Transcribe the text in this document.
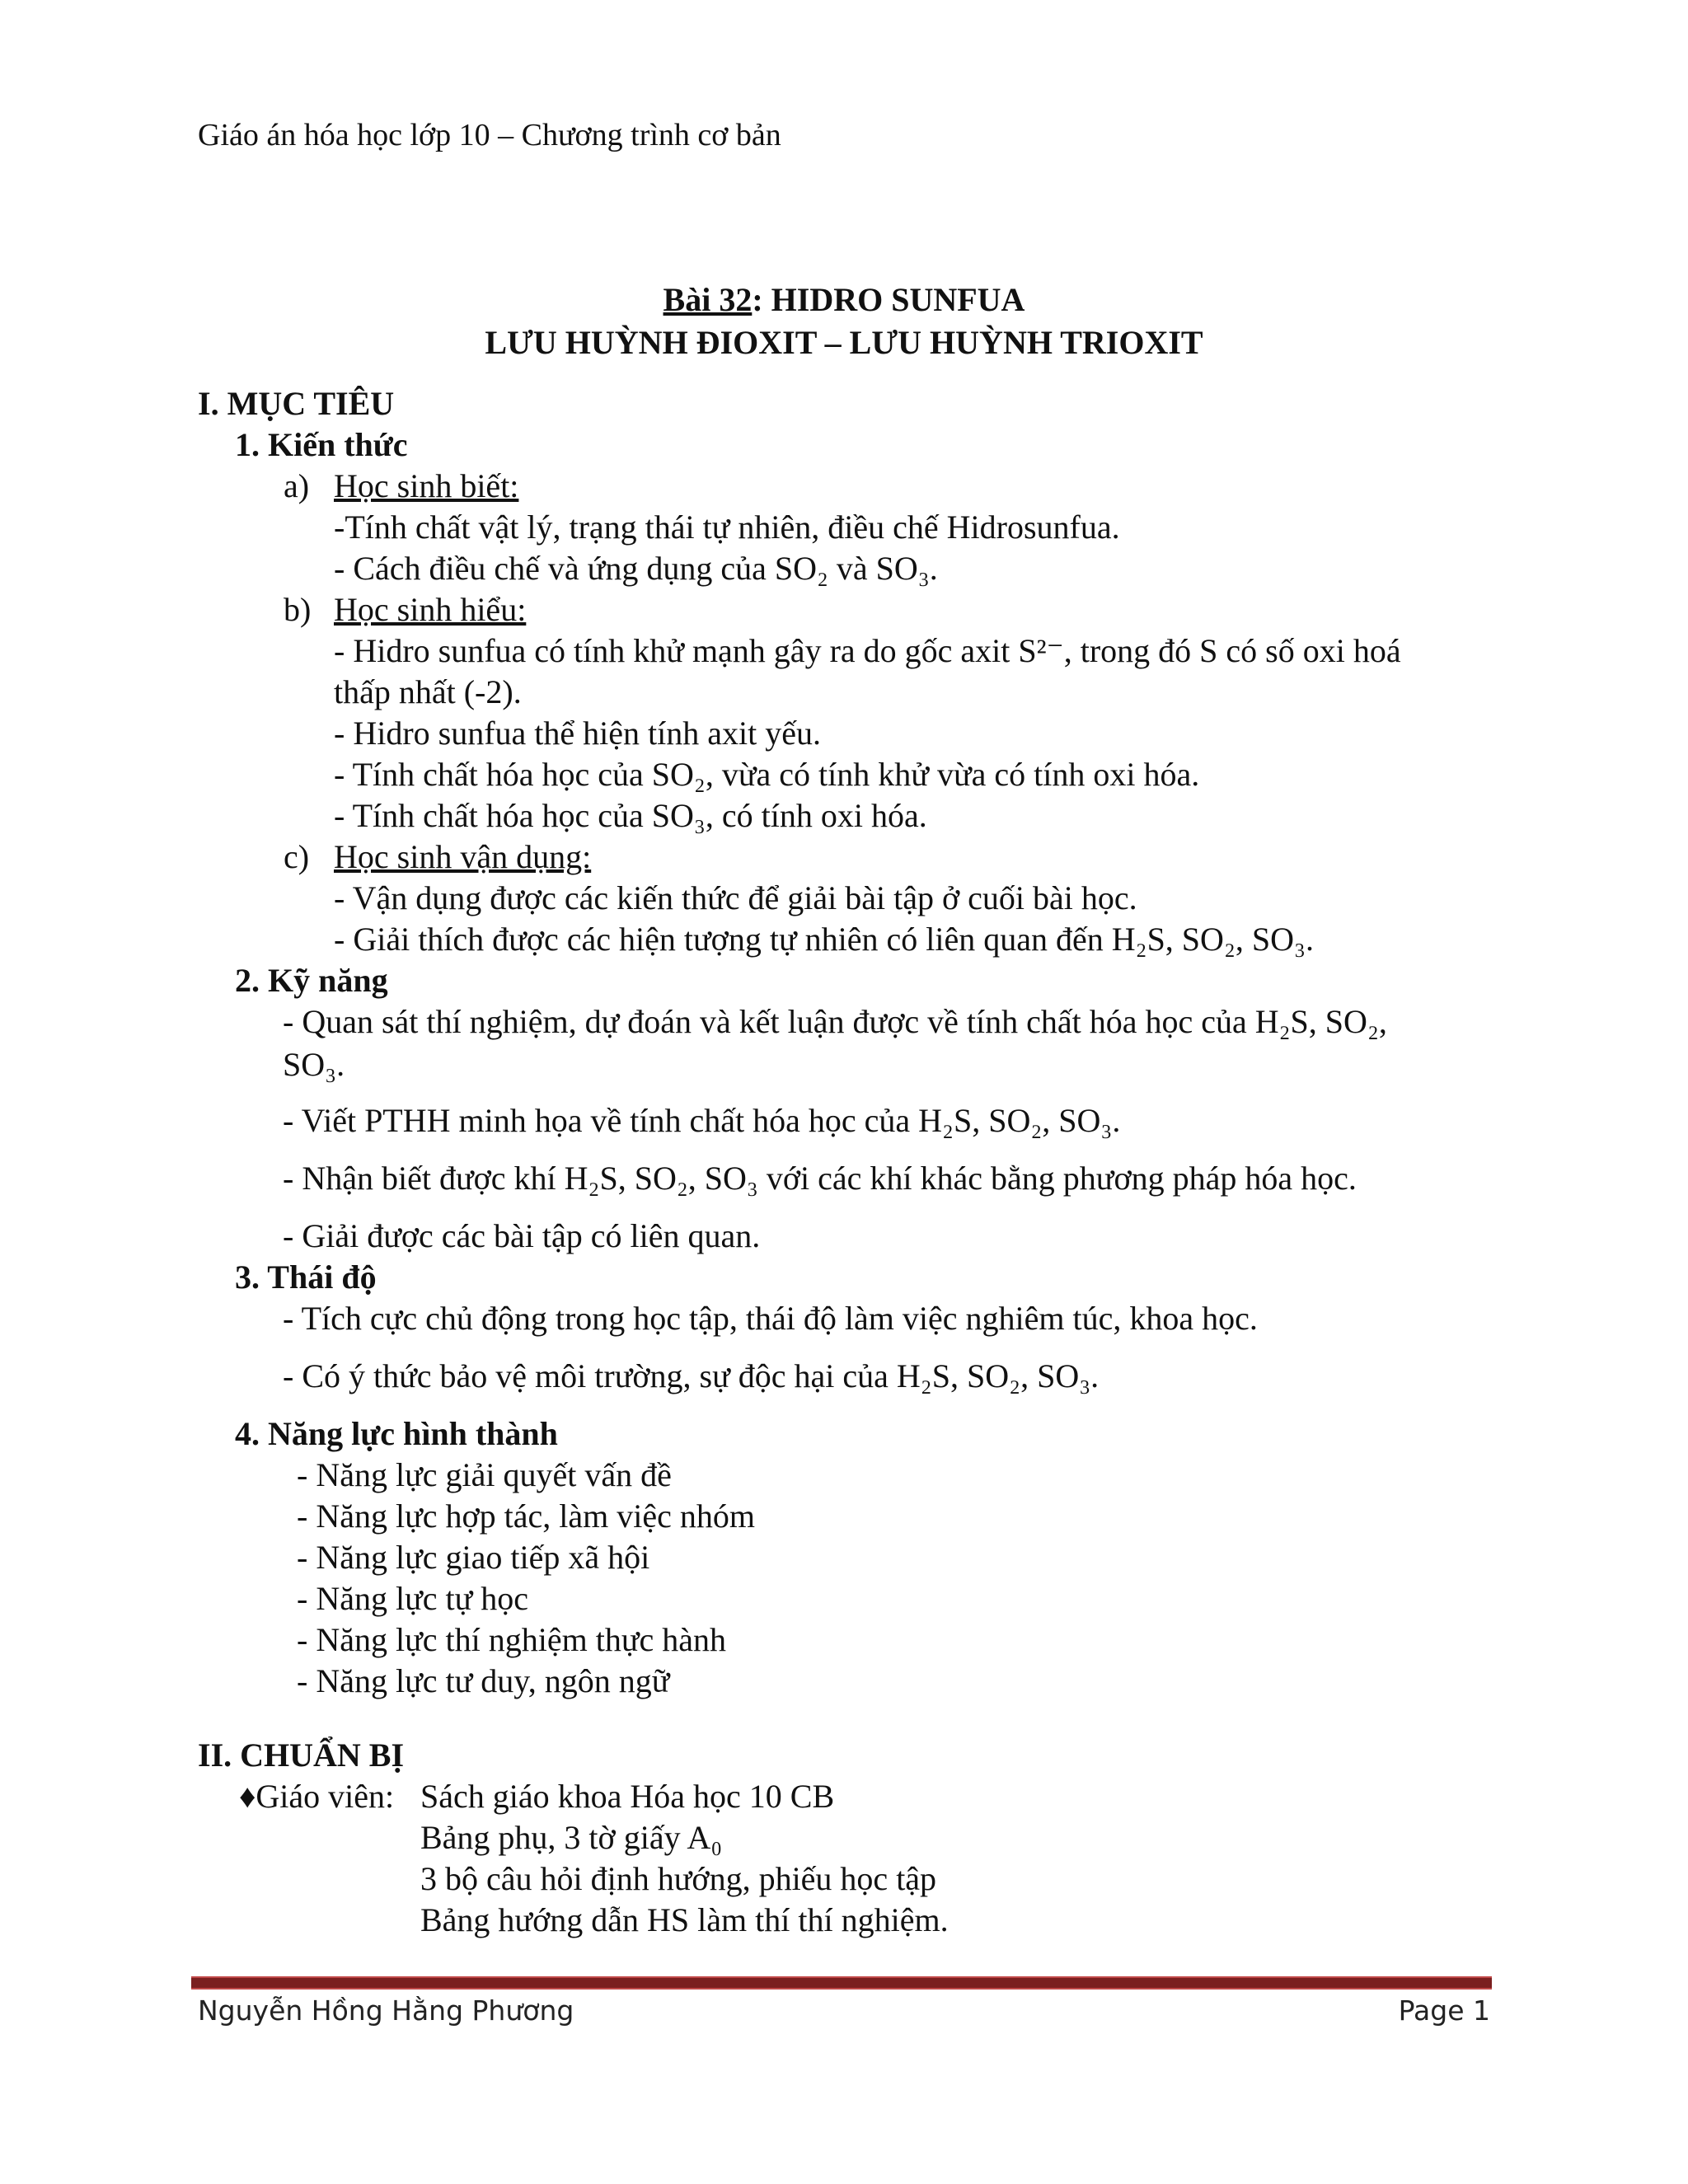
Giáo án hóa học lớp 10 – Chương trình cơ bản
Bài 32: HIDRO SUNFUA
LƯU HUỲNH ĐIOXIT – LƯU HUỲNH TRIOXIT
I. MỤC TIÊU
1. Kiến thức
a) Học sinh biết:
-Tính chất vật lý, trạng thái tự nhiên, điều chế Hidrosunfua.
- Cách điều chế và ứng dụng của SO₂ và SO₃.
b) Học sinh hiểu:
- Hidro sunfua có tính khử mạnh gây ra do gốc axit S²⁻, trong đó S có số oxi hoá
thấp nhất (-2).
- Hidro sunfua thể hiện tính axit yếu.
- Tính chất hóa học của SO₂, vừa có tính khử vừa có tính oxi hóa.
- Tính chất hóa học của SO₃, có tính oxi hóa.
c) Học sinh vận dụng:
- Vận dụng được các kiến thức để giải bài tập ở cuối bài học.
- Giải thích được các hiện tượng tự nhiên có liên quan đến H₂S, SO₂, SO₃.
2. Kỹ năng
- Quan sát thí nghiệm, dự đoán và kết luận được về tính chất hóa học của H₂S, SO₂,
SO₃.
- Viết PTHH minh họa về tính chất hóa học của H₂S, SO₂, SO₃.
- Nhận biết được khí H₂S, SO₂, SO₃ với các khí khác bằng phương pháp hóa học.
- Giải được các bài tập có liên quan.
3. Thái độ
- Tích cực chủ động trong học tập, thái độ làm việc nghiêm túc, khoa học.
- Có ý thức bảo vệ môi trường, sự độc hại của H₂S, SO₂, SO₃.
4. Năng lực hình thành
- Năng lực giải quyết vấn đề
- Năng lực hợp tác, làm việc nhóm
- Năng lực giao tiếp xã hội
- Năng lực tự học
- Năng lực thí nghiệm thực hành
- Năng lực tư duy, ngôn ngữ
II. CHUẨN BỊ
♦Giáo viên: Sách giáo khoa Hóa học 10 CB
Bảng phụ, 3 tờ giấy A₀
3 bộ câu hỏi định hướng, phiếu học tập
Bảng hướng dẫn HS làm thí thí nghiệm.
Nguyễn Hồng Hằng Phương	Page 1
